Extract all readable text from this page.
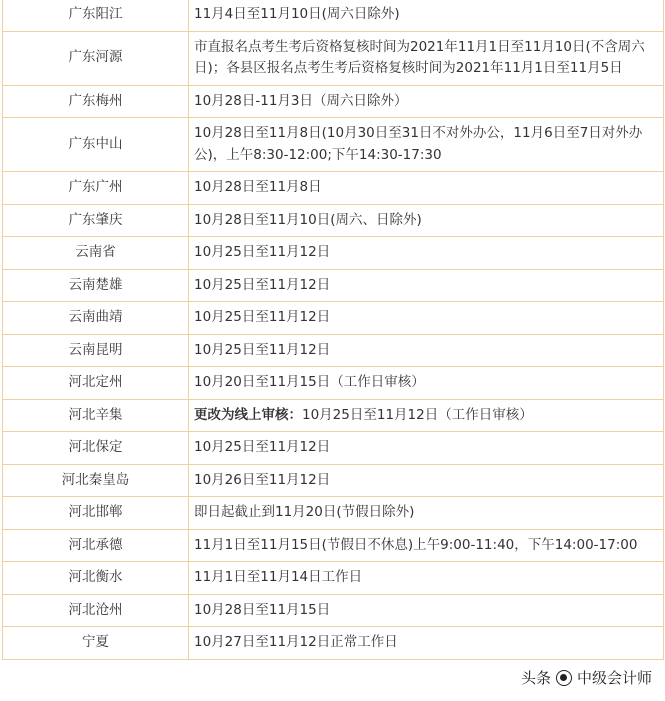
广东阳江	11月4日至11月10日(周六日除外)
广东河源	市直报名点考生考后资格复核时间为2021年11月1日至11月10日(不含周六日)；各县区报名点考生考后资格复核时间为2021年11月1日至11月5日
广东梅州	10月28日-11月3日（周六日除外）
广东中山	10月28日至11月8日(10月30日至31日不对外办公，11月6日至7日对外办公)，上午8:30-12:00;下午14:30-17:30
广东广州	10月28日至11月8日
广东肇庆	10月28日至11月10日(周六、日除外)
云南省	10月25日至11月12日
云南楚雄	10月25日至11月12日
云南曲靖	10月25日至11月12日
云南昆明	10月25日至11月12日
河北定州	10月20日至11月15日（工作日审核）
河北辛集	更改为线上审核：10月25日至11月12日（工作日审核）
河北保定	10月25日至11月12日
河北秦皇岛	10月26日至11月12日
河北邯郸	即日起截止到11月20日(节假日除外)
河北承德	11月1日至11月15日(节假日不休息)上午9:00-11:40，下午14:00-17:00
河北衡水	11月1日至11月14日工作日
河北沧州	10月28日至11月15日
宁夏	10月27日至11月12日正常工作日
头条 中级会计师
